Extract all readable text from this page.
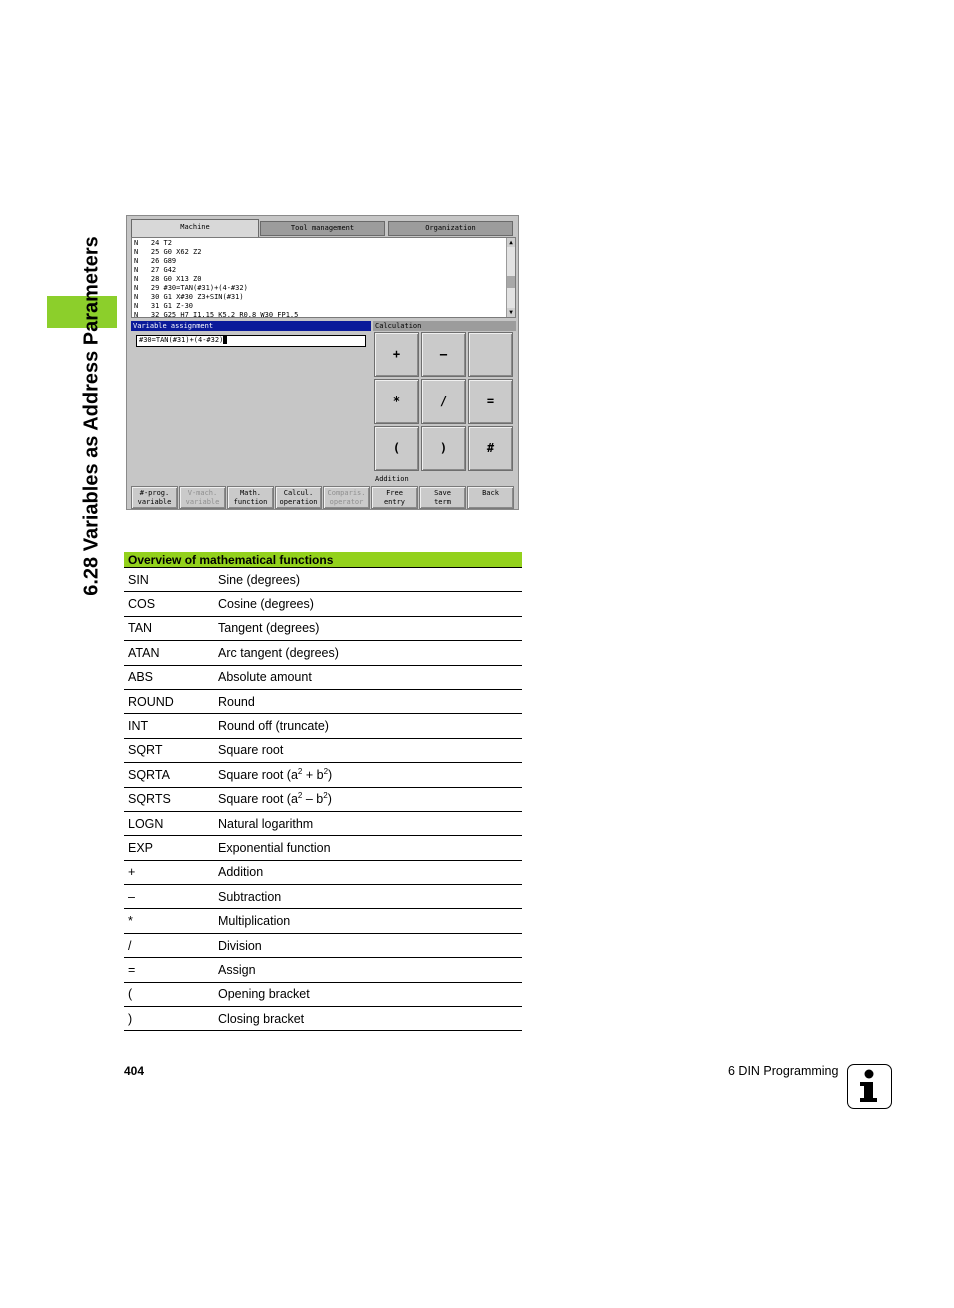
6.28 Variables as Address Parameters
Machine	Tool management	Organization
N   24 T2
N   25 G0 X62 Z2
N   26 G89
N   27 G42
N   28 G0 X13 Z0
N   29 #30=TAN(#31)+(4-#32)
N   30 G1 X#30 Z3+SIN(#31)
N   31 G1 Z-30
N   32 G25 H7 I1.15 K5.2 R0.8 W30 FP1.5
▲
▼
Variable assignment
#30=TAN(#31)+(4-#32)
Calculation
Addition
+	–
*	/	=
(	)	#
#-prog.
variable
V-mach.
variable
Math.
function
Calcul.
operation
Comparis.
operator
Free
entry
Save
term
Back
Overview of mathematical functions
SIN	Sine (degrees)
COS	Cosine (degrees)
TAN	Tangent (degrees)
ATAN	Arc tangent (degrees)
ABS	Absolute amount
ROUND	Round
INT	Round off (truncate)
SQRT	Square root
SQRTA	Square root $(a^2 + b^2)$
SQRTS	Square root $(a^2 - b^2)$
LOGN	Natural logarithm
EXP	Exponential function
+	Addition
–	Subtraction
*	Multiplication
/	Division
=	Assign
(	Opening bracket
)	Closing bracket
404	6 DIN Programming
